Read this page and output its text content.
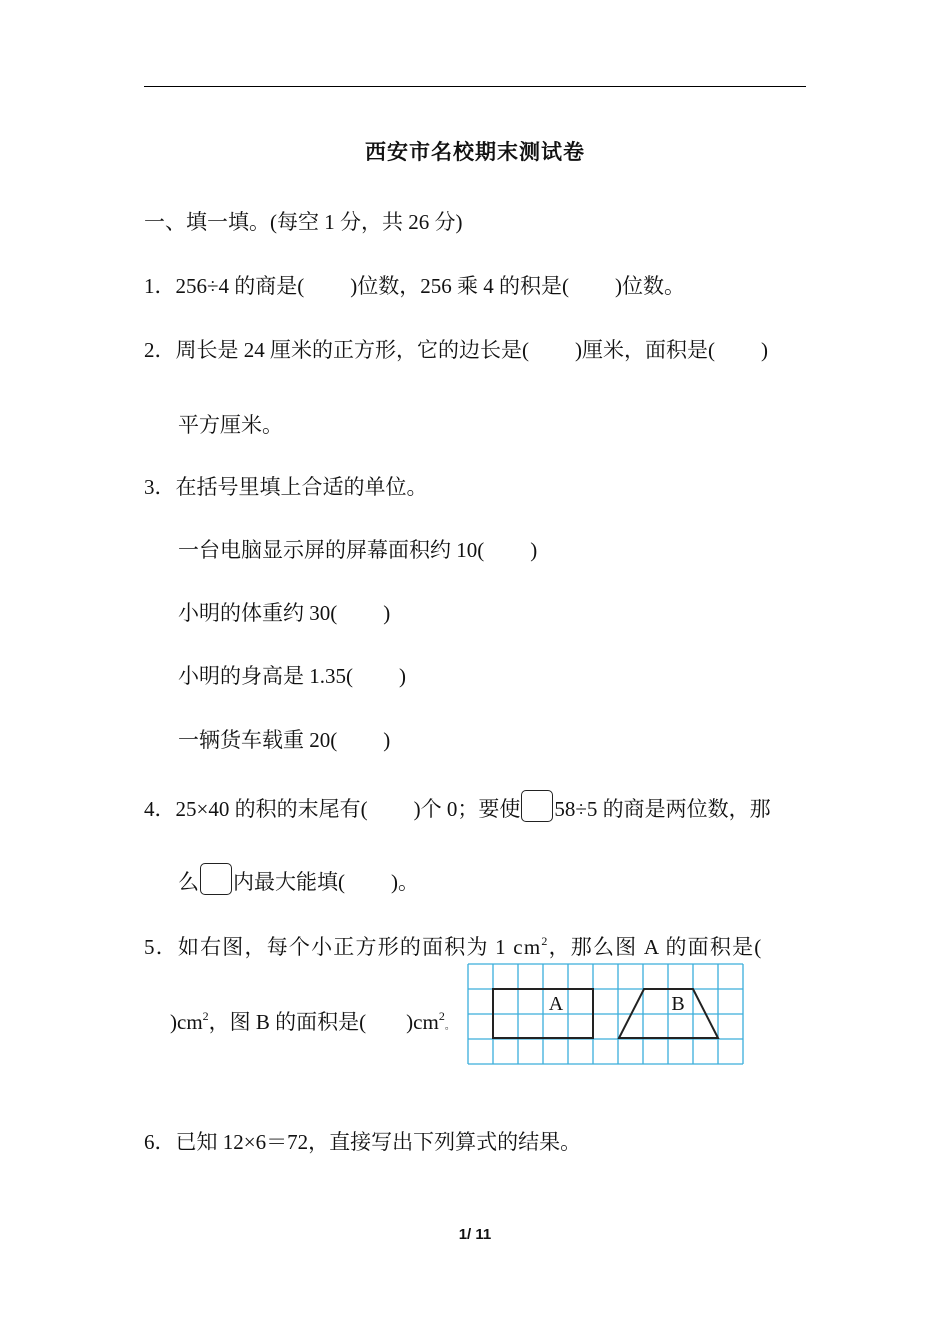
西安市名校期末测试卷
一、填一填。(每空 1 分，共 26 分)
1．256÷4 的商是( )位数，256 乘 4 的积是( )位数。
2．周长是 24 厘米的正方形，它的边长是( )厘米，面积是( )
平方厘米。
3．在括号里填上合适的单位。
一台电脑显示屏的屏幕面积约 10( )
小明的体重约 30( )
小明的身高是 1.35( )
一辆货车载重 20( )
4．25×40 的积的末尾有( )个 0；要使 58÷5 的商是两位数，那
么 内最大能填( )。
5．如右图，每个小正方形的面积为 1 $cm^2$，那么图 A 的面积是(
)$cm^2$，图 B 的面积是( )$cm^2$。
A	B
6．已知 12×6＝72，直接写出下列算式的结果。
1/ 11
